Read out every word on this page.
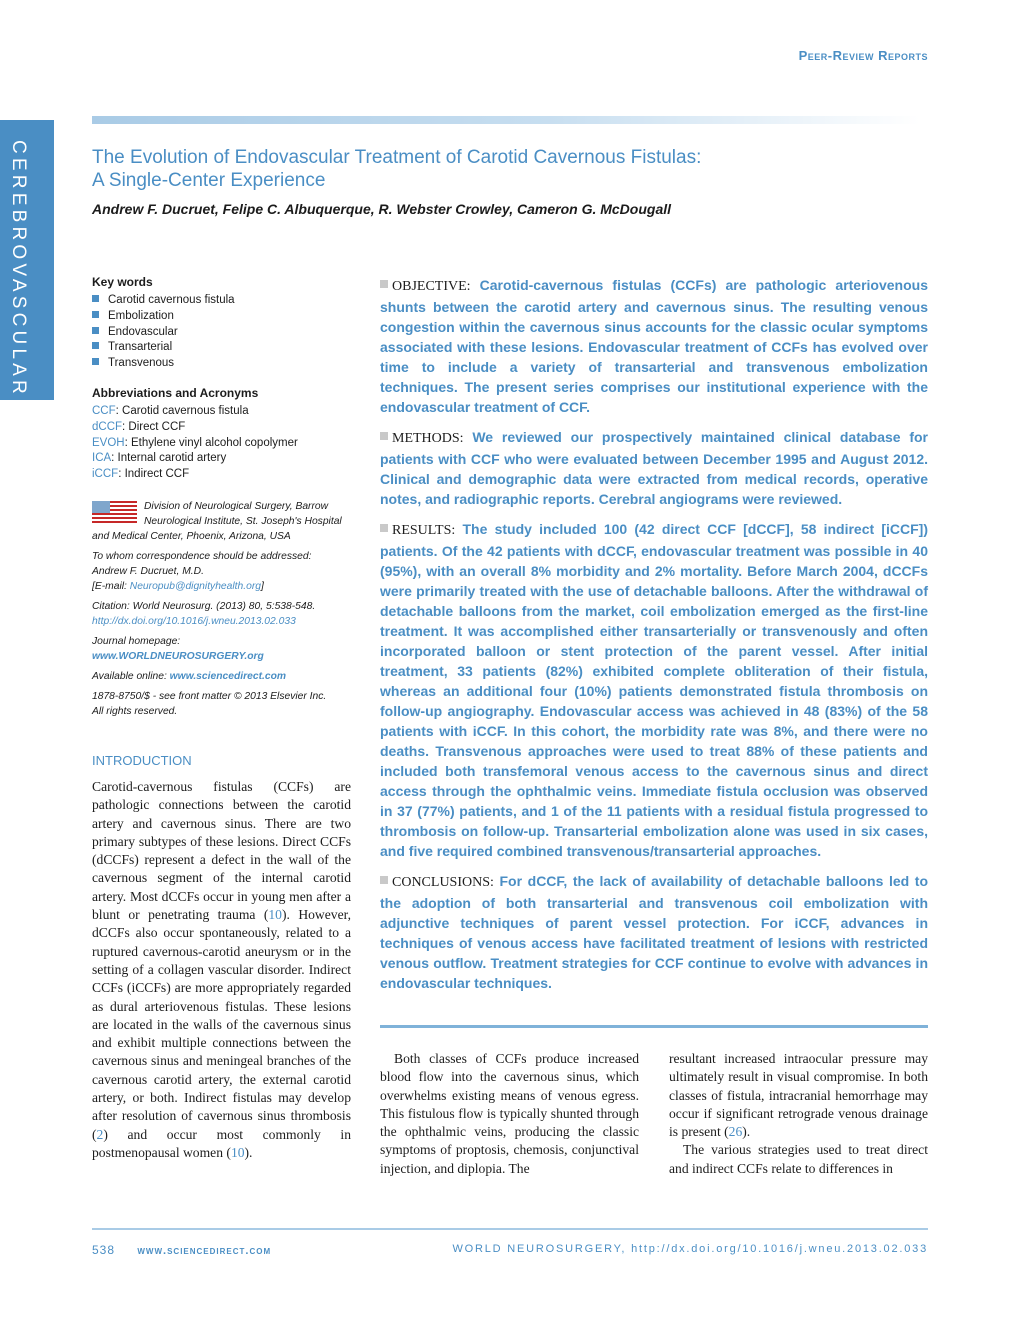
Peer-Review Reports
CEREBROVASCULAR	The Evolution of Endovascular Treatment of Carotid Cavernous Fistulas:
A Single-Center Experience
Andrew F. Ducruet, Felipe C. Albuquerque, R. Webster Crowley, Cameron G. McDougall
Key words
Carotid cavernous fistula
Embolization
Endovascular
Transarterial
Transvenous
Abbreviations and Acronyms
CCF: Carotid cavernous fistula
dCCF: Direct CCF
EVOH: Ethylene vinyl alcohol copolymer
ICA: Internal carotid artery
iCCF: Indirect CCF

Division of Neurological Surgery, Barrow Neurological Institute, St. Joseph's Hospital and Medical Center, Phoenix, Arizona, USA

To whom correspondence should be addressed:
Andrew F. Ducruet, M.D.
[E-mail: Neuropub@dignityhealth.org]

Citation: World Neurosurg. (2013) 80, 5:538-548.
http://dx.doi.org/10.1016/j.wneu.2013.02.033

Journal homepage: www.WORLDNEUROSURGERY.org

Available online: www.sciencedirect.com

1878-8750/$ - see front matter © 2013 Elsevier Inc.
All rights reserved.

INTRODUCTION

Carotid-cavernous fistulas (CCFs) are pathologic connections between the carotid artery and cavernous sinus. There are two primary subtypes of these lesions. Direct CCFs (dCCFs) represent a defect in the wall of the cavernous segment of the internal carotid artery. Most dCCFs occur in young men after a blunt or penetrating trauma (10). However, dCCFs also occur spontaneously, related to a ruptured cavernous-carotid aneurysm or in the setting of a collagen vascular disorder. Indirect CCFs (iCCFs) are more appropriately regarded as dural arteriovenous fistulas. These lesions are located in the walls of the cavernous sinus and exhibit multiple connections between the cavernous sinus and meningeal branches of the cavernous carotid artery, the external carotid artery, or both. Indirect fistulas may develop after resolution of cavernous sinus thrombosis (2) and occur most commonly in postmenopausal women (10).

OBJECTIVE: Carotid-cavernous fistulas (CCFs) are pathologic arteriovenous shunts between the carotid artery and cavernous sinus. The resulting venous congestion within the cavernous sinus accounts for the classic ocular symptoms associated with these lesions. Endovascular treatment of CCFs has evolved over time to include a variety of transarterial and transvenous embolization techniques. The present series comprises our institutional experience with the endovascular treatment of CCF.

METHODS: We reviewed our prospectively maintained clinical database for patients with CCF who were evaluated between December 1995 and August 2012. Clinical and demographic data were extracted from medical records, operative notes, and radiographic reports. Cerebral angiograms were reviewed.

RESULTS: The study included 100 (42 direct CCF [dCCF], 58 indirect [iCCF]) patients. Of the 42 patients with dCCF, endovascular treatment was possible in 40 (95%), with an overall 8% morbidity and 2% mortality. Before March 2004, dCCFs were primarily treated with the use of detachable balloons. After the withdrawal of detachable balloons from the market, coil embolization emerged as the first-line treatment. It was accomplished either transarterially or transvenously and often incorporated balloon or stent protection of the parent vessel. After initial treatment, 33 patients (82%) exhibited complete obliteration of their fistula, whereas an additional four (10%) patients demonstrated fistula thrombosis on follow-up angiography. Endovascular access was achieved in 48 (83%) of the 58 patients with iCCF. In this cohort, the morbidity rate was 8%, and there were no deaths. Transvenous approaches were used to treat 88% of these patients and included both transfemoral venous access to the cavernous sinus and direct access through the ophthalmic veins. Immediate fistula occlusion was observed in 37 (77%) patients, and 1 of the 11 patients with a residual fistula progressed to thrombosis on follow-up. Transarterial embolization alone was used in six cases, and five required combined transvenous/transarterial approaches.

CONCLUSIONS: For dCCF, the lack of availability of detachable balloons led to the adoption of both transarterial and transvenous coil embolization with adjunctive techniques of parent vessel protection. For iCCF, advances in techniques of venous access have facilitated treatment of lesions with restricted venous outflow. Treatment strategies for CCF continue to evolve with advances in endovascular techniques.

Both classes of CCFs produce increased blood flow into the cavernous sinus, which overwhelms existing means of venous egress. This fistulous flow is typically shunted through the ophthalmic veins, producing the classic symptoms of proptosis, chemosis, conjunctival injection, and diplopia. The

resultant increased intraocular pressure may ultimately result in visual compromise. In both classes of fistula, intracranial hemorrhage may occur if significant retrograde venous drainage is present (26).

The various strategies used to treat direct and indirect CCFs relate to differences in

538 www.sciencedirect.com	WORLD NEUROSURGERY, http://dx.doi.org/10.1016/j.wneu.2013.02.033
